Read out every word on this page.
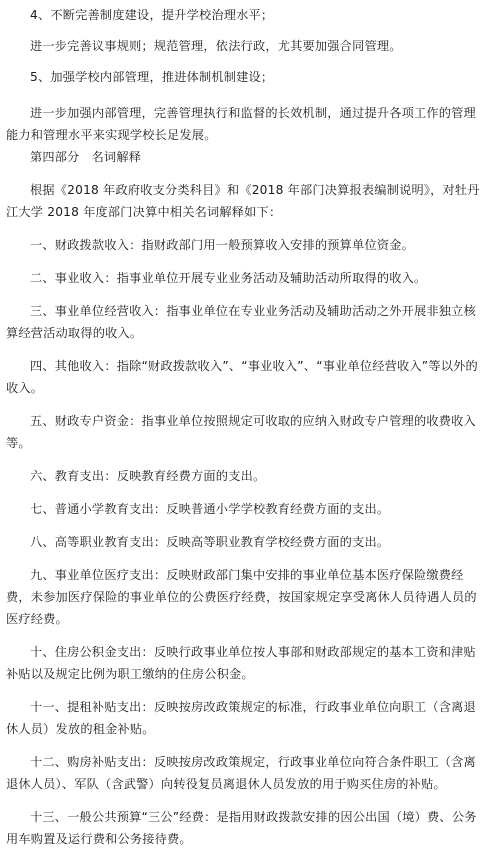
4、不断完善制度建设，提升学校治理水平；

进一步完善议事规则；规范管理，依法行政，尤其要加强合同管理。

5、加强学校内部管理，推进体制机制建设；

进一步加强内部管理，完善管理执行和监督的长效机制，通过提升各项工作的管理能力和管理水平来实现学校长足发展。

第四部分 名词解释

根据《2018 年政府收支分类科目》和《2018 年部门决算报表编制说明》，对牡丹江大学 2018 年度部门决算中相关名词解释如下：

一、财政拨款收入：指财政部门用一般预算收入安排的预算单位资金。

二、事业收入：指事业单位开展专业业务活动及辅助活动所取得的收入。

三、事业单位经营收入：指事业单位在专业业务活动及辅助活动之外开展非独立核算经营活动取得的收入。

四、其他收入：指除“财政拨款收入”、“事业收入”、“事业单位经营收入”等以外的收入。

五、财政专户资金：指事业单位按照规定可收取的应纳入财政专户管理的收费收入等。

六、教育支出：反映教育经费方面的支出。

七、普通小学教育支出：反映普通小学学校教育经费方面的支出。

八、高等职业教育支出：反映高等职业教育学校经费方面的支出。

九、事业单位医疗支出：反映财政部门集中安排的事业单位基本医疗保险缴费经费，未参加医疗保险的事业单位的公费医疗经费，按国家规定享受离休人员待遇人员的医疗经费。

十、住房公积金支出：反映行政事业单位按人事部和财政部规定的基本工资和津贴补贴以及规定比例为职工缴纳的住房公积金。

十一、提租补贴支出：反映按房改政策规定的标准，行政事业单位向职工（含离退休人员）发放的租金补贴。

十二、购房补贴支出：反映按房改政策规定，行政事业单位向符合条件职工（含离退休人员）、军队（含武警）向转役复员离退休人员发放的用于购买住房的补贴。

十三、一般公共预算“三公”经费：是指用财政拨款安排的因公出国（境）费、公务用车购置及运行费和公务接待费。
